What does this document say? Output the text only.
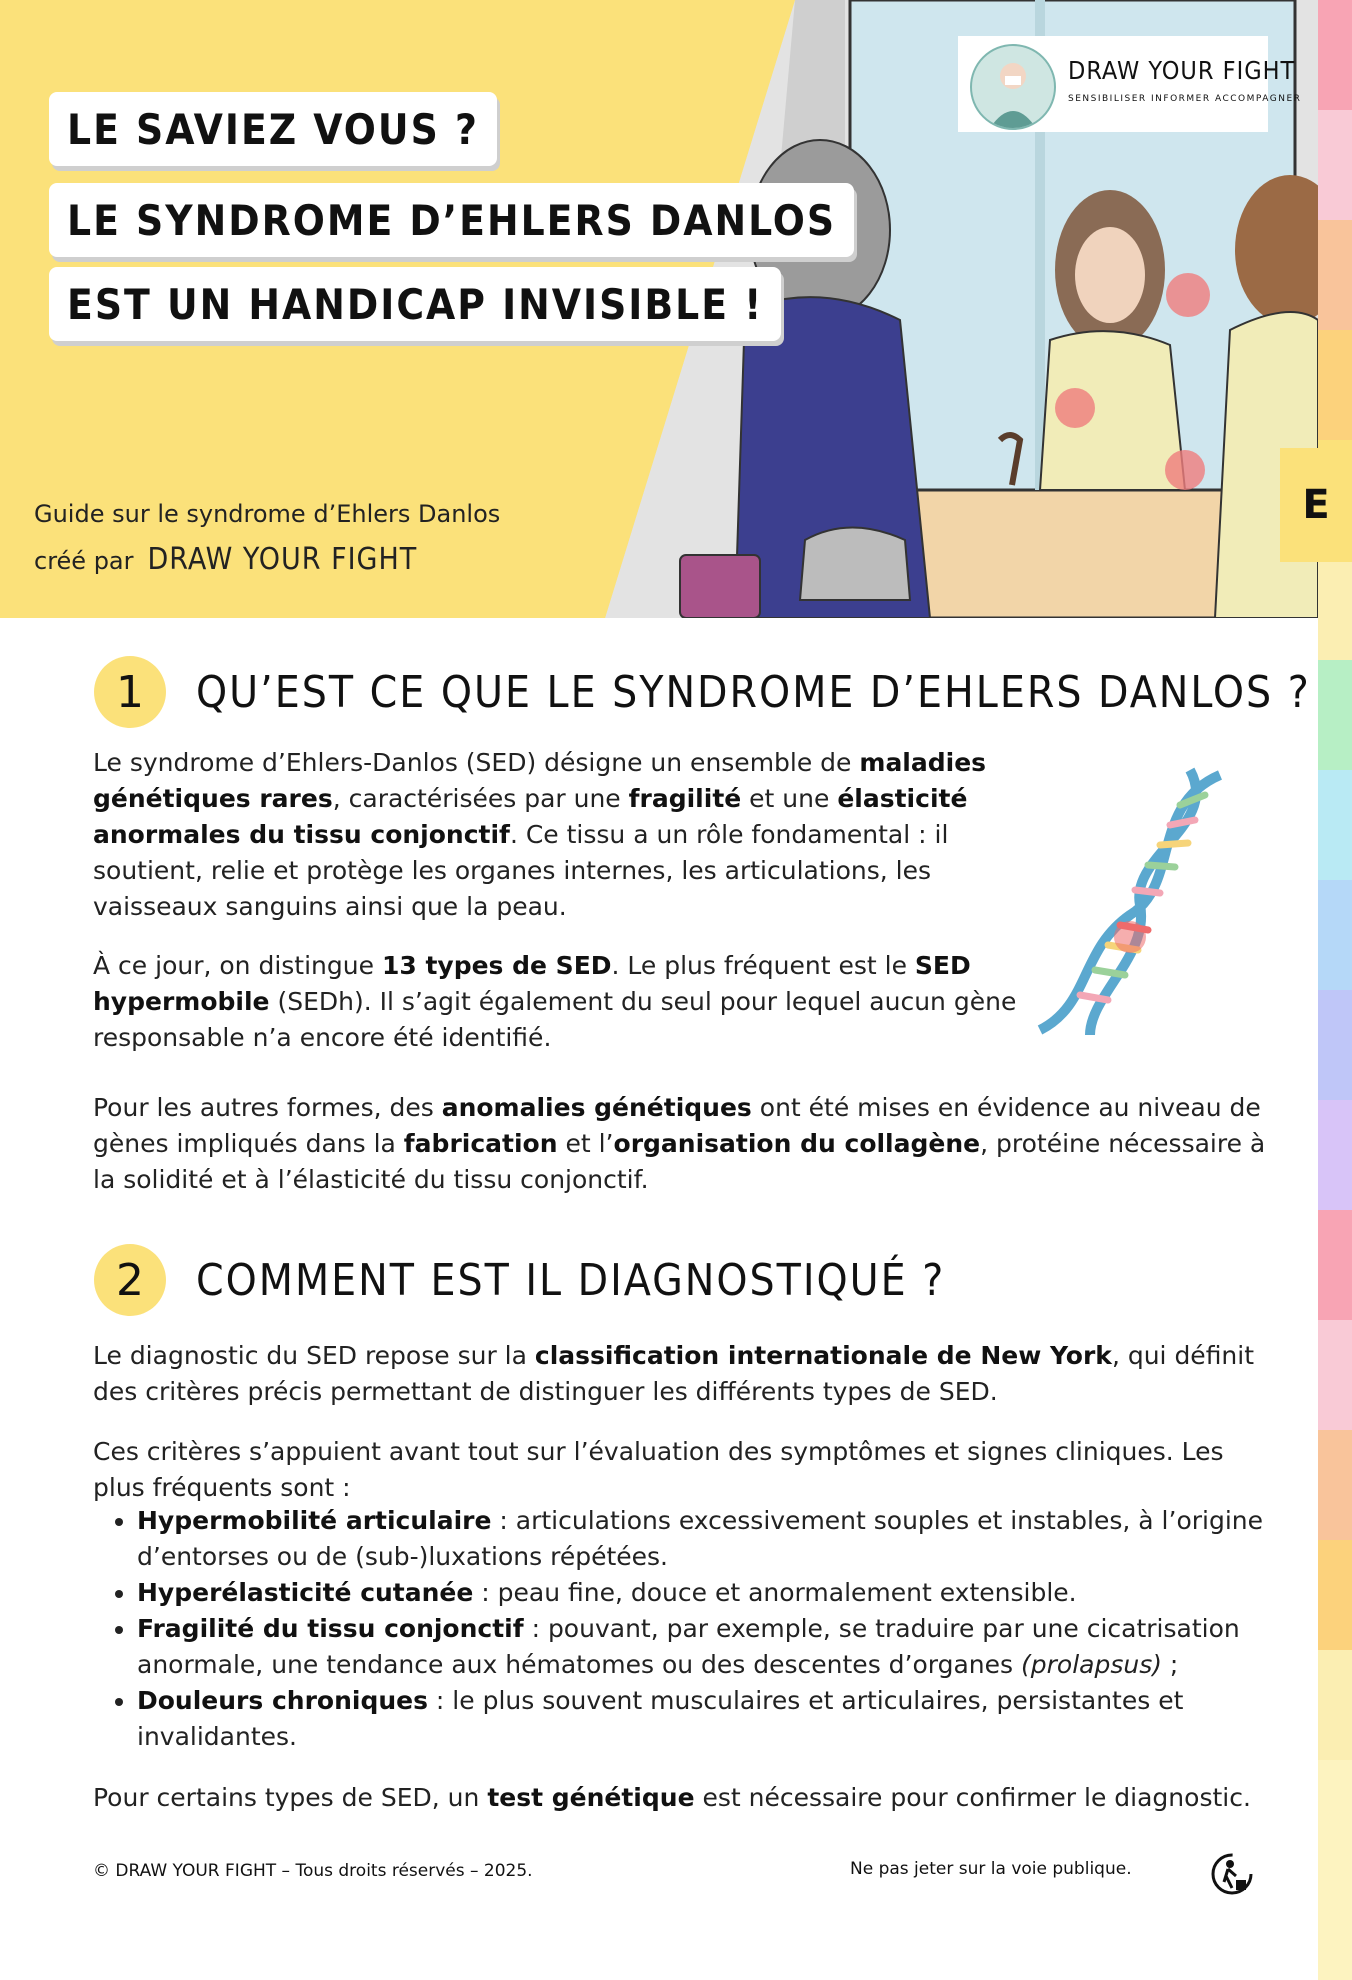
LE SAVIEZ VOUS ?
LE SYNDROME D’EHLERS DANLOS
EST UN HANDICAP INVISIBLE !
Guide sur le syndrome d’Ehlers Danlos
créé par DRAW YOUR FIGHT
DRAW YOUR FIGHT
SENSIBILISER INFORMER ACCOMPAGNER
E
1	QU’EST CE QUE LE SYNDROME D’EHLERS DANLOS ?

Le syndrome d’Ehlers-Danlos (SED) désigne un ensemble de maladies génétiques rares, caractérisées par une fragilité et une élasticité anormales du tissu conjonctif. Ce tissu a un rôle fondamental : il soutient, relie et protège les organes internes, les articulations, les vaisseaux sanguins ainsi que la peau.

À ce jour, on distingue 13 types de SED. Le plus fréquent est le SED hypermobile (SEDh). Il s’agit également du seul pour lequel aucun gène responsable n’a encore été identifié.

Pour les autres formes, des anomalies génétiques ont été mises en évidence au niveau de gènes impliqués dans la fabrication et l’organisation du collagène, protéine nécessaire à la solidité et à l’élasticité du tissu conjonctif.

2	COMMENT EST IL DIAGNOSTIQUÉ ?

Le diagnostic du SED repose sur la classification internationale de New York, qui définit des critères précis permettant de distinguer les différents types de SED.

Ces critères s’appuient avant tout sur l’évaluation des symptômes et signes cliniques. Les plus fréquents sont :

• Hypermobilité articulaire : articulations excessivement souples et instables, à l’origine d’entorses ou de (sub-)luxations répétées.
• Hyperélasticité cutanée : peau fine, douce et anormalement extensible.
• Fragilité du tissu conjonctif : pouvant, par exemple, se traduire par une cicatrisation anormale, une tendance aux hématomes ou des descentes d’organes (prolapsus) ;
• Douleurs chroniques : le plus souvent musculaires et articulaires, persistantes et invalidantes.

Pour certains types de SED, un test génétique est nécessaire pour confirmer le diagnostic.

© DRAW YOUR FIGHT – Tous droits réservés – 2025.	Ne pas jeter sur la voie publique.
